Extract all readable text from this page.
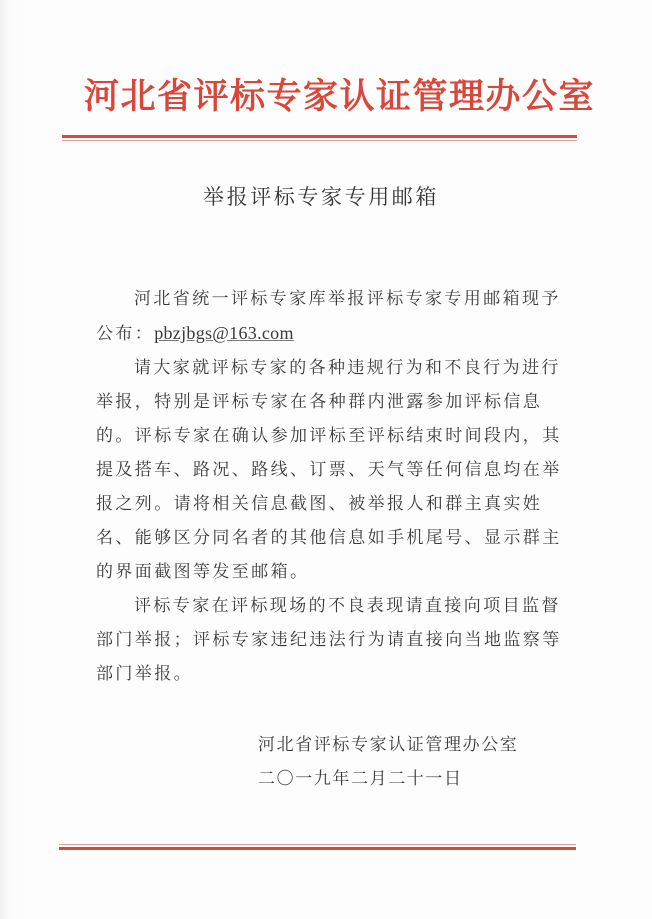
河北省评标专家认证管理办公室
举报评标专家专用邮箱

河北省统一评标专家库举报评标专家专用邮箱现予公布：pbzjbgs@163.com

请大家就评标专家的各种违规行为和不良行为进行举报，特别是评标专家在各种群内泄露参加评标信息的。评标专家在确认参加评标至评标结束时间段内，其提及搭车、路况、路线、订票、天气等任何信息均在举报之列。请将相关信息截图、被举报人和群主真实姓名、能够区分同名者的其他信息如手机尾号、显示群主的界面截图等发至邮箱。

评标专家在评标现场的不良表现请直接向项目监督部门举报；评标专家违纪违法行为请直接向当地监察等部门举报。

河北省评标专家认证管理办公室
二〇一九年二月二十一日
